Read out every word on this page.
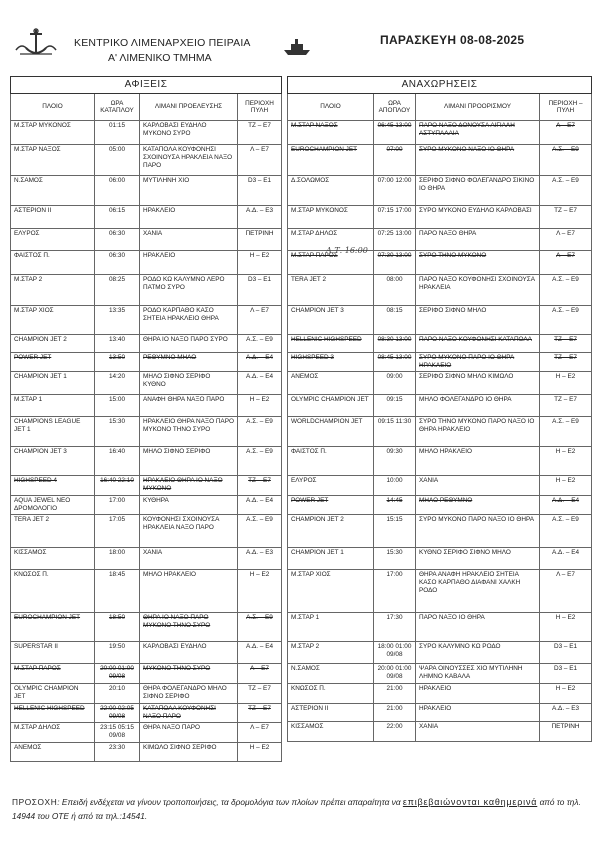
ΚΕΝΤΡΙΚΟ ΛΙΜΕΝΑΡΧΕΙΟ ΠΕΙΡΑΙΑ
Α' ΛΙΜΕΝΙΚΟ ΤΜΗΜΑ
ΠΑΡΑΣΚΕΥΗ 08-08-2025
ΑΦΙΞΕΙΣ			
ΠΛΟΙΟ	ΩΡΑ ΚΑΤΑΠΛΟΥ	ΛΙΜΑΝΙ ΠΡΟΕΛΕΥΣΗΣ	ΠΕΡΙΟΧΗ ΠΥΛΗ
Μ.ΣΤΑΡ ΜΥΚΟΝΟΣ	01:15	ΚΑΡΛΟΒΑΣΙ ΕΥΔΗΛΟ ΜΥΚΟΝΟ ΣΥΡΟ	TZ – E7
Μ.ΣΤΑΡ ΝΑΞΟΣ	05:00	ΚΑΤΑΠΟΛΑ ΚΟΥΦΟΝΗΣΙ ΣΧΟΙΝΟΥΣΑ ΗΡΑΚΛΕΙΑ ΝΑΞΟ ΠΑΡΟ	Λ – E7
Ν.ΣΑΜΟΣ	06:00	ΜΥΤΙΛΗΝΗ ΧΙΟ	D3 – E1
ΑΣΤΕΡΙΟΝ ΙΙ	06:15	ΗΡΑΚΛΕΙΟ	Α.Δ. – E3
ΕΛΥΡΟΣ	06:30	ΧΑΝΙΑ	ΠΕΤΡΙΝΗ
ΦΑΙΣΤΟΣ Π.	06:30	ΗΡΑΚΛΕΙΟ	Η – E2
Μ.ΣΤΑΡ 2	08:25	ΡΟΔΟ ΚΩ ΚΑΛΥΜΝΟ ΛΕΡΟ ΠΑΤΜΟ ΣΥΡΟ	D3 – E1
Μ.ΣΤΑΡ ΧΙΟΣ	13:35	ΡΟΔΟ ΚΑΡΠΑΘΟ ΚΑΣΟ ΣΗΤΕΙΑ ΗΡΑΚΛΕΙΟ ΘΗΡΑ	Λ – E7
CHAMPION JET 2	13:40	ΘΗΡΑ ΙΟ ΝΑΞΟ ΠΑΡΟ ΣΥΡΟ	Α.Σ. – E9
POWER JET	13:50	ΡΕΘΥΜΝΟ ΜΗΛΟ	Α.Δ. – E4
CHAMPION JET 1	14:20	ΜΗΛΟ ΣΙΦΝΟ ΣΕΡΙΦΟ ΚΥΘΝΟ	Α.Δ. – E4
Μ.ΣΤΑΡ 1	15:00	ΑΝΑΦΗ ΘΗΡΑ ΝΑΞΟ ΠΑΡΟ	Η – E2
CHAMPIONS LEAGUE JET 1	15:30	ΗΡΑΚΛΕΙΟ ΘΗΡΑ ΝΑΞΟ ΠΑΡΟ ΜΥΚΟΝΟ ΤΗΝΟ ΣΥΡΟ	Α.Σ. – E9
CHAMPION JET 3	16:40	ΜΗΛΟ ΣΙΦΝΟ ΣΕΡΙΦΟ	Α.Σ. – E9
HIGHSPEED 4	16:40 22:10	ΗΡΑΚΛΕΙΟ ΘΗΡΑ ΙΟ ΝΑΞΟ ΜΥΚΟΝΟ	TZ – E7
AQUA JEWEL ΝΕΟ ΔΡΟΜΟΛΟΓΙΟ	17:00	ΚΥΘΗΡΑ	Α.Δ. – E4
TERA JET 2	17:05	ΚΟΥΦΟΝΗΣΙ ΣΧΟΙΝΟΥΣΑ ΗΡΑΚΛΕΙΑ ΝΑΞΟ ΠΑΡΟ	Α.Σ. – E9
ΚΙΣΣΑΜΟΣ	18:00	ΧΑΝΙΑ	Α.Δ. – E3
ΚΝΩΣΟΣ Π.	18:45	ΜΗΛΟ ΗΡΑΚΛΕΙΟ	Η – E2
EUROCHAMPION JET	18:50	ΘΗΡΑ ΙΟ ΝΑΞΟ ΠΑΡΟ ΜΥΚΟΝΟ ΤΗΝΟ ΣΥΡΟ	Α.Σ. – E9
SUPERSTAR II	19:50	ΚΑΡΛΟΒΑΣΙ ΕΥΔΗΛΟ	Α.Δ. – E4
Μ.ΣΤΑΡ ΠΑΡΟΣ	20:00 01:00 09/08	ΜΥΚΟΝΟ ΤΗΝΟ ΣΥΡΟ	Λ – E7
OLYMPIC CHAMPION JET	20:10	ΘΗΡΑ ΦΟΛΕΓΑΝΔΡΟ ΜΗΛΟ ΣΙΦΝΟ ΣΕΡΙΦΟ	TZ – E7
HELLENIC HIGHSPEED	22:00 02:05 09/08	ΚΑΤΑΠΟΛΑ ΚΟΥΦΟΝΗΣΙ ΝΑΞΟ ΠΑΡΟ	TZ – E7
Μ.ΣΤΑΡ ΔΗΛΟΣ	23:15 05:15 09/08	ΘΗΡΑ ΝΑΞΟ ΠΑΡΟ	Λ – E7
ΑΝΕΜΟΣ	23:30	ΚΙΜΩΛΟ ΣΙΦΝΟ ΣΕΡΙΦΟ	Η – E2
ΑΝΑΧΩΡΗΣΕΙΣ			
ΠΛΟΙΟ	ΩΡΑ ΑΠΟΠΛΟΥ	ΛΙΜΑΝΙ ΠΡΟΟΡΙΣΜΟΥ	ΠΕΡΙΟΧΗ – ΠΥΛΗ
Μ.ΣΤΑΡ ΝΑΞΟΣ	06:45 13:00	ΠΑΡΟ ΝΑΞΟ ΔΟΝΟΥΣΑ ΑΙΓΙΑΛΗ ΑΣΤΥΠΑΛΑΙΑ	Λ – E7
EUROCHAMPION JET	07:00	ΣΥΡΟ ΜΥΚΟΝΟ ΝΑΞΟ ΙΟ ΘΗΡΑ	Α.Σ. – E9
Δ.ΣΟΛΩΜΟΣ	07:00 12:00	ΣΕΡΙΦΟ ΣΙΦΝΟ ΦΟΛΕΓΑΝΔΡΟ ΣΙΚΙΝΟ ΙΟ ΘΗΡΑ	Α.Σ. – E9
Μ.ΣΤΑΡ ΜΥΚΟΝΟΣ	07:15 17:00	ΣΥΡΟ ΜΥΚΟΝΟ ΕΥΔΗΛΟ ΚΑΡΛΟΒΑΣΙ	TZ – E7
Μ.ΣΤΑΡ ΔΗΛΟΣ	07:25 13:00	ΠΑΡΟ ΝΑΞΟ ΘΗΡΑ	Λ – E7
Μ.ΣΤΑΡ ΠΑΡΟΣ	07:30 13:00	ΣΥΡΟ ΤΗΝΟ ΜΥΚΟΝΟ	Λ – E7
TERA JET 2	08:00	ΠΑΡΟ ΝΑΞΟ ΚΟΥΦΟΝΗΣΙ ΣΧΟΙΝΟΥΣΑ ΗΡΑΚΛΕΙΑ	Α.Σ. – E9
CHAMPION JET 3	08:15	ΣΕΡΙΦΟ ΣΙΦΝΟ ΜΗΛΟ	Α.Σ. – E9
HELLENIC HIGHSPEED	08:30 13:00	ΠΑΡΟ ΝΑΞΟ ΚΟΥΦΟΝΗΣΙ ΚΑΤΑΠΟΛΑ	TZ – E7
HIGHSPEED 3	08:45 13:00	ΣΥΡΟ ΜΥΚΟΝΟ ΠΑΡΟ ΙΟ ΘΗΡΑ ΗΡΑΚΛΕΙΟ	TZ – E7
ΑΝΕΜΟΣ	09:00	ΣΕΡΙΦΟ ΣΙΦΝΟ ΜΗΛΟ ΚΙΜΩΛΟ	Η – E2
OLYMPIC CHAMPION JET	09:15	ΜΗΛΟ ΦΟΛΕΓΑΝΔΡΟ ΙΟ ΘΗΡΑ	TZ – E7
WORLDCHAMPION JET	09:15 11:30	ΣΥΡΟ ΤΗΝΟ ΜΥΚΟΝΟ ΠΑΡΟ ΝΑΞΟ ΙΟ ΘΗΡΑ ΗΡΑΚΛΕΙΟ	Α.Σ. – E9
ΦΑΙΣΤΟΣ Π.	09:30	ΜΗΛΟ ΗΡΑΚΛΕΙΟ	Η – E2
ΕΛΥΡΟΣ	10:00	ΧΑΝΙΑ	Η – E2
POWER JET	14:45	ΜΗΛΟ ΡΕΘΥΜΝΟ	Α.Δ. – E4
CHAMPION JET 2	15:15	ΣΥΡΟ ΜΥΚΟΝΟ ΠΑΡΟ ΝΑΞΟ ΙΟ ΘΗΡΑ	Α.Σ. – E9
CHAMPION JET 1	15:30	ΚΥΘΝΟ ΣΕΡΙΦΟ ΣΙΦΝΟ ΜΗΛΟ	Α.Δ. – E4
Μ.ΣΤΑΡ ΧΙΟΣ	17:00	ΘΗΡΑ ΑΝΑΦΗ ΗΡΑΚΛΕΙΟ ΣΗΤΕΙΑ ΚΑΣΟ ΚΑΡΠΑΘΟ ΔΙΑΦΑΝΙ ΧΑΛΚΗ ΡΟΔΟ	Λ – E7
Μ.ΣΤΑΡ 1	17:30	ΠΑΡΟ ΝΑΞΟ ΙΟ ΘΗΡΑ	Η – E2
Μ.ΣΤΑΡ 2	18:00 01:00 09/08	ΣΥΡΟ ΚΑΛΥΜΝΟ ΚΩ ΡΟΔΟ	D3 – E1
Ν.ΣΑΜΟΣ	20:00 01:00 09/08	ΨΑΡΑ ΟΙΝΟΥΣΣΕΣ ΧΙΟ ΜΥΤΙΛΗΝΗ ΛΗΜΝΟ ΚΑΒΑΛΑ	D3 – E1
ΚΝΩΣΟΣ Π.	21:00	ΗΡΑΚΛΕΙΟ	Η – E2
ΑΣΤΕΡΙΟΝ ΙΙ	21:00	ΗΡΑΚΛΕΙΟ	Α.Δ. – E3
ΚΙΣΣΑΜΟΣ	22:00	ΧΑΝΙΑ	ΠΕΤΡΙΝΗ
Α.Τ. 16:00
ΠΡΟΣΟΧΗ: Επειδή ενδέχεται να γίνουν τροποποιήσεις, τα δρομολόγια των πλοίων πρέπει απαραίτητα να επιβεβαιώνονται καθημερινά από το τηλ. 14944 του ΟΤΕ ή από τα τηλ.:14541.
